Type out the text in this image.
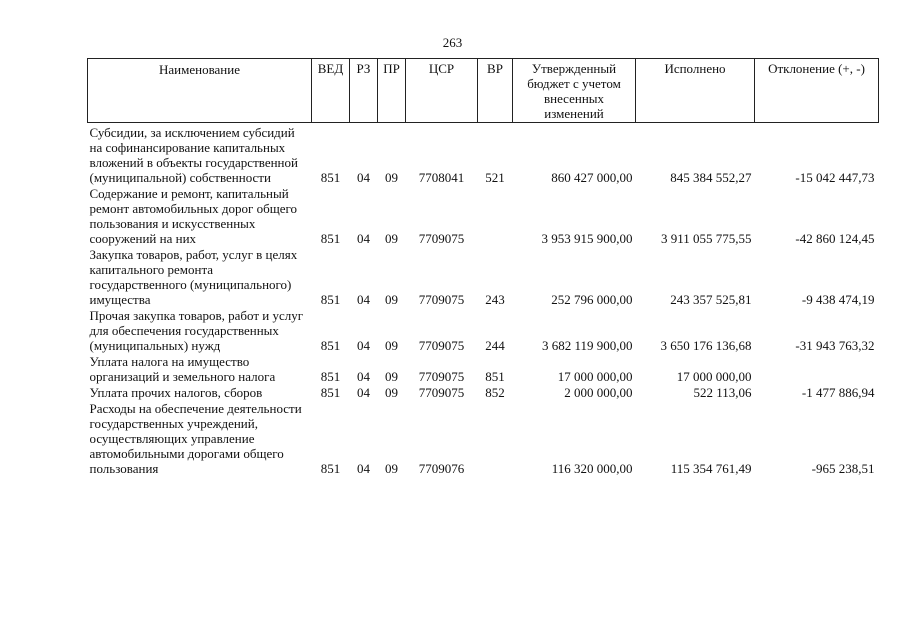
263
Наименование	ВЕД	РЗ	ПР	ЦСР	ВР	Утвержденный бюджет с учетом внесенных изменений	Исполнено	Отклонение (+, -)

Субсидии, за исключением субсидий на софинансирование капитальных вложений в объекты государственной (муниципальной) собственности	851	04	09	7708041	521	860 427 000,00	845 384 552,27	-15 042 447,73
Содержание и ремонт, капитальный ремонт автомобильных дорог общего пользования и искусственных сооружений на них	851	04	09	7709075		3 953 915 900,00	3 911 055 775,55	-42 860 124,45
Закупка товаров, работ, услуг в целях капитального ремонта государственного (муниципального) имущества	851	04	09	7709075	243	252 796 000,00	243 357 525,81	-9 438 474,19
Прочая закупка товаров, работ и услуг для обеспечения государственных (муниципальных) нужд	851	04	09	7709075	244	3 682 119 900,00	3 650 176 136,68	-31 943 763,32
Уплата налога на имущество организаций и земельного налога	851	04	09	7709075	851	17 000 000,00	17 000 000,00	
Уплата прочих налогов, сборов	851	04	09	7709075	852	2 000 000,00	522 113,06	-1 477 886,94
Расходы на обеспечение деятельности государственных учреждений, осуществляющих управление автомобильными дорогами общего пользования	851	04	09	7709076		116 320 000,00	115 354 761,49	-965 238,51
